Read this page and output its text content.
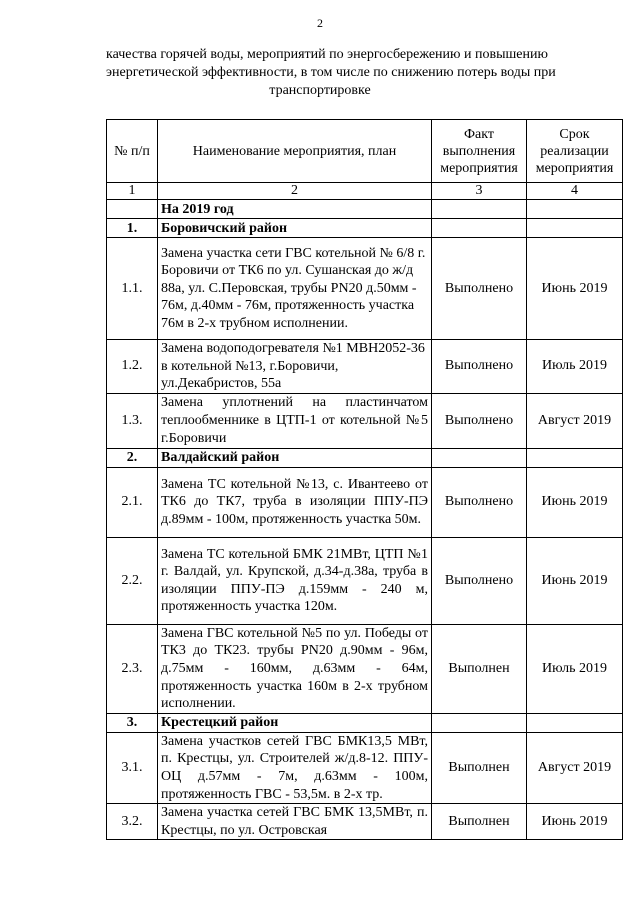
2
качества горячей воды, мероприятий по энергосбережению и повышению
энергетической эффективности, в том числе по снижению потерь воды при
транспортировке
№ п/п	Наименование мероприятия, план	Факт выполнения мероприятия	Срок реализации мероприятия
1	2	3	4
	На 2019 год		
1.	Боровичский район		
1.1.	Замена участка сети ГВС котельной № 6/8 г. Боровичи от ТК6 по ул. Сушанская до ж/д 88а, ул. С.Перовская, трубы PN20 д.50мм - 76м, д.40мм - 76м, протяженность участка 76м в 2-х трубном исполнении.	Выполнено	Июнь 2019
1.2.	Замена водоподогревателя №1 МВН2052-36 в котельной №13, г.Боровичи, ул.Декабристов, 55а	Выполнено	Июль 2019
1.3.	Замена уплотнений на пластинчатом теплообменнике в ЦТП-1 от котельной №5 г.Боровичи	Выполнено	Август 2019
2.	Валдайский район		
2.1.	Замена ТС котельной №13, с. Ивантеево от ТК6 до ТК7, труба в изоляции ППУ-ПЭ д.89мм - 100м, протяженность участка 50м.	Выполнено	Июнь 2019
2.2.	Замена ТС котельной БМК 21МВт, ЦТП №1 г. Валдай, ул. Крупской, д.34-д.38а, труба в изоляции ППУ-ПЭ д.159мм - 240 м, протяженность участка 120м.	Выполнено	Июнь 2019
2.3.	Замена ГВС котельной №5 по ул. Победы от ТК3 до ТК23. трубы PN20 д.90мм - 96м, д.75мм - 160мм, д.63мм - 64м, протяженность участка 160м в 2-х трубном исполнении.	Выполнен	Июль 2019
3.	Крестецкий район		
3.1.	Замена участков сетей ГВС БМК13,5 МВт, п. Крестцы, ул. Строителей ж/д.8-12. ППУ-ОЦ д.57мм - 7м, д.63мм - 100м, протяженность ГВС - 53,5м. в 2-х тр.	Выполнен	Август 2019
3.2.	Замена участка сетей ГВС БМК 13,5МВт, п. Крестцы, по ул. Островская	Выполнен	Июнь 2019
